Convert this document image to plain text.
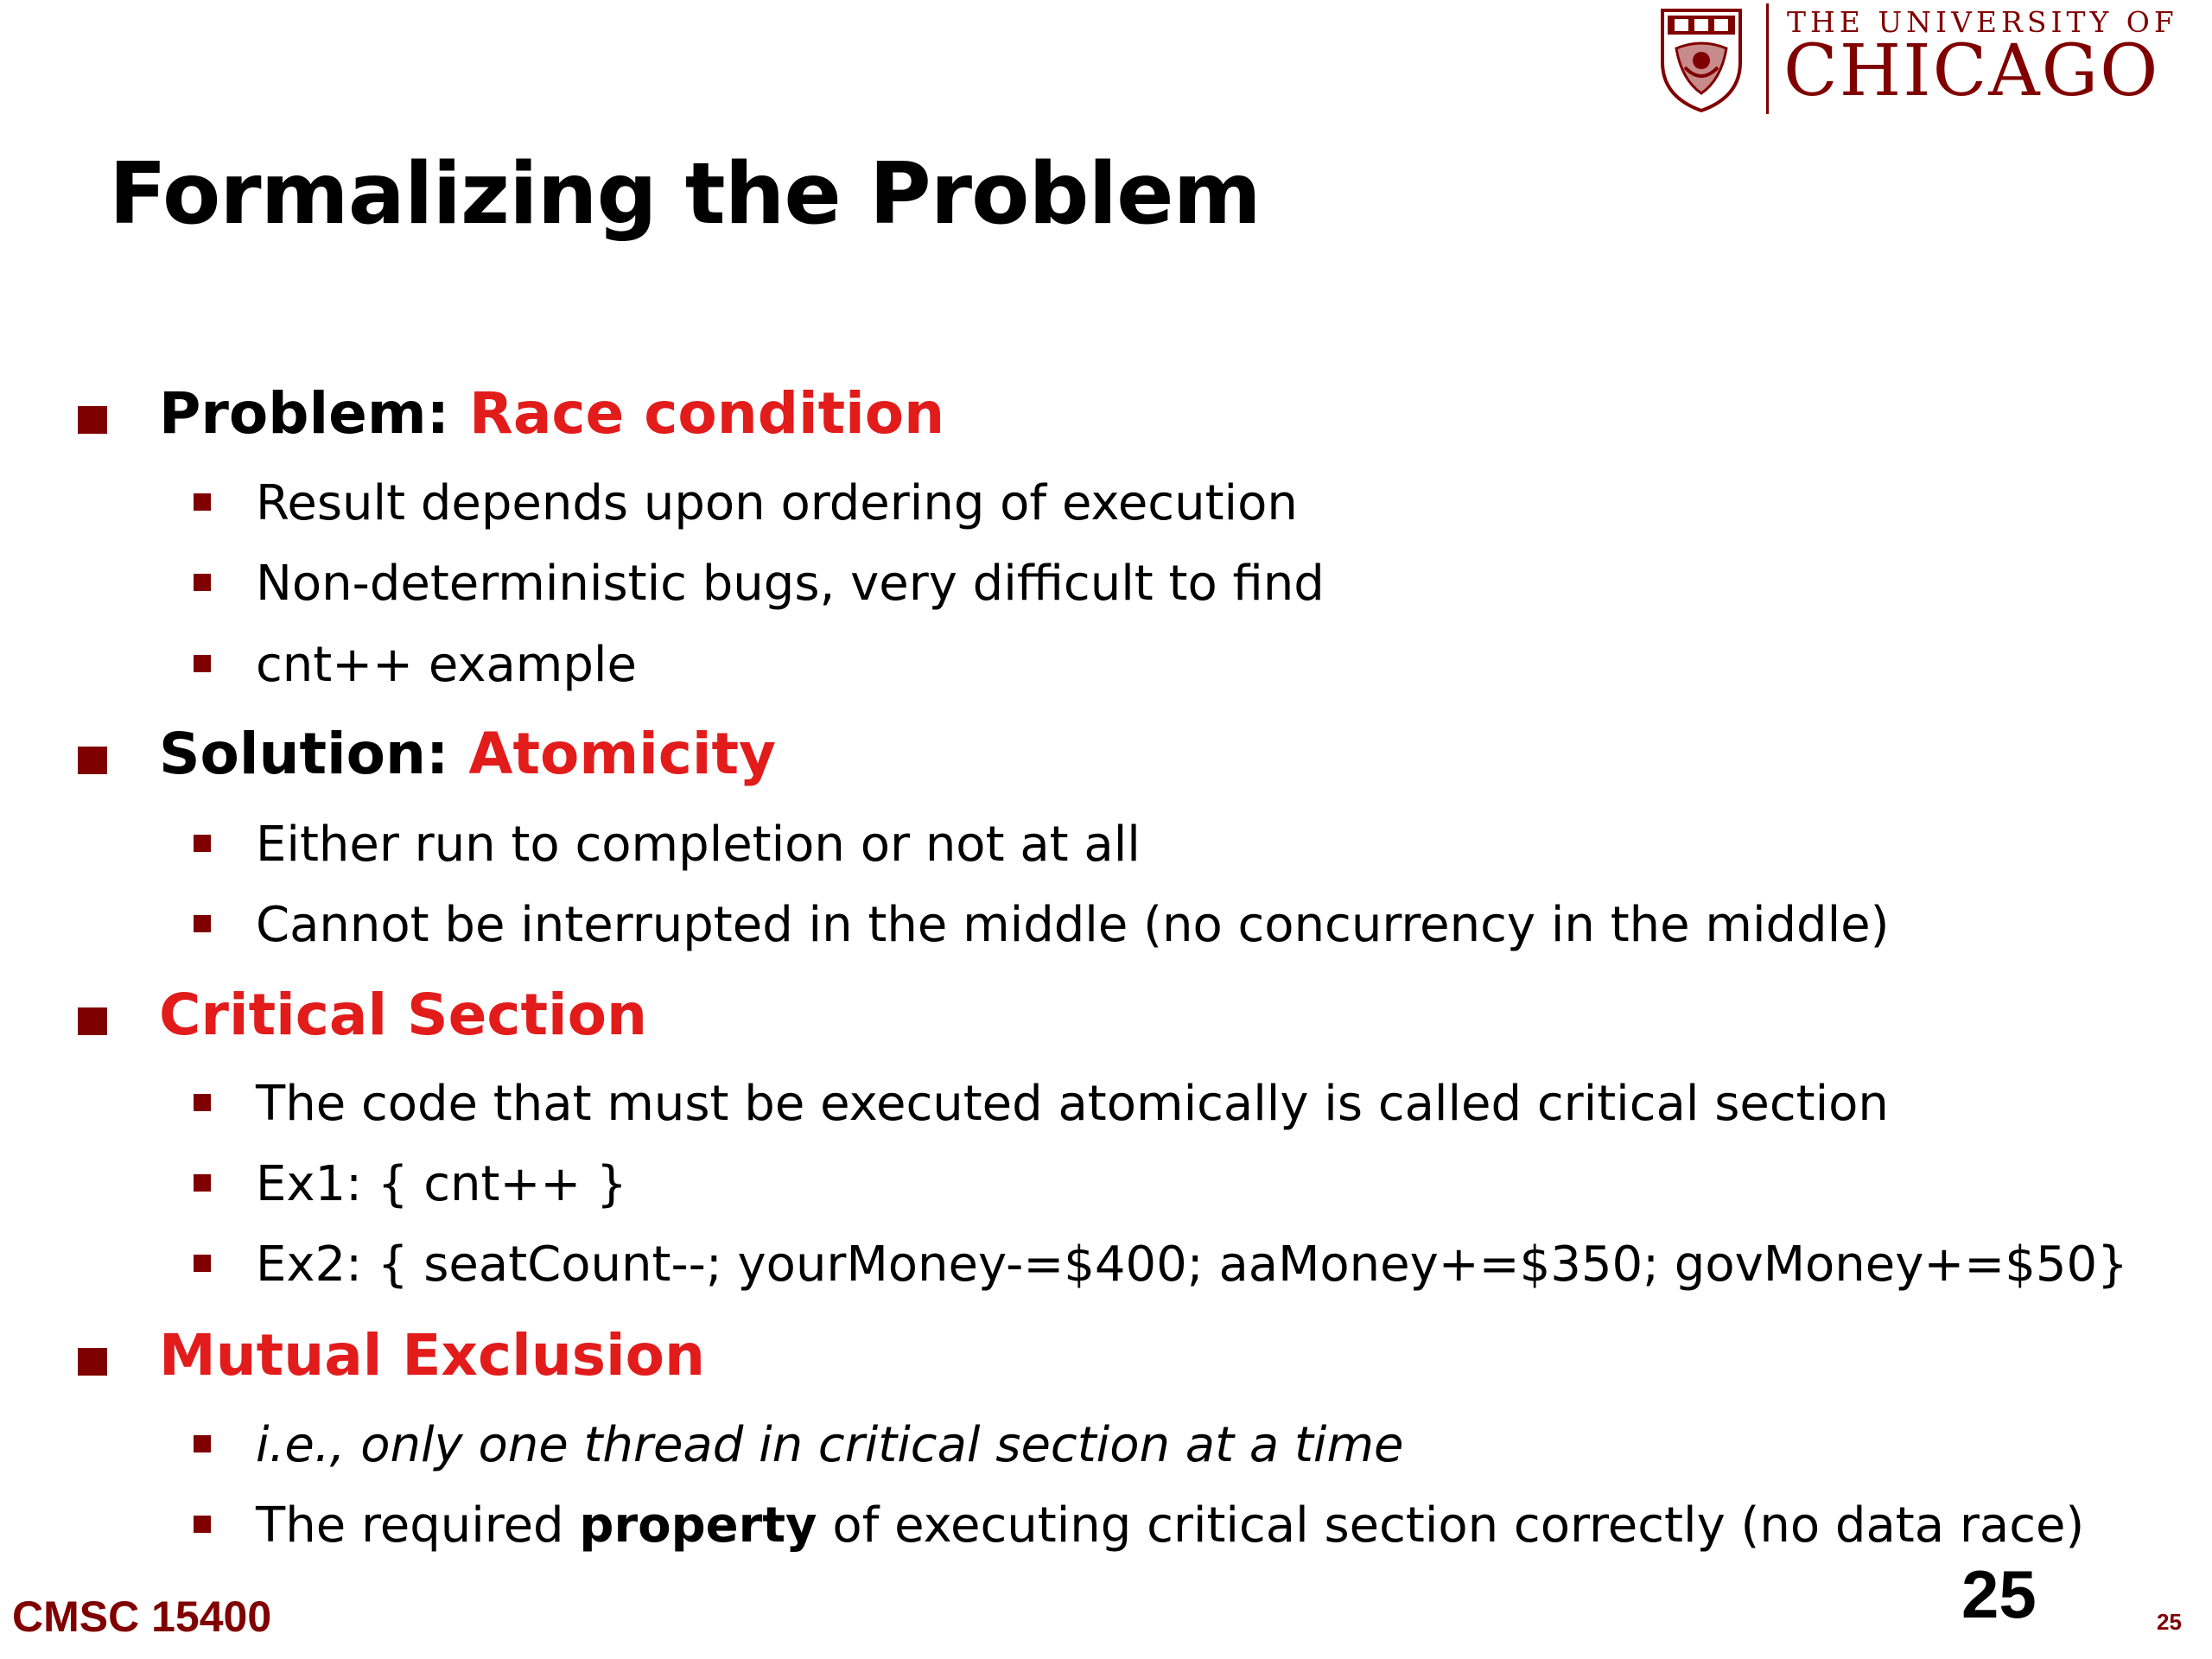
THE UNIVERSITY OF
CHICAGO
Formalizing the Problem
Problem: Race condition
Result depends upon ordering of execution
Non-deterministic bugs, very difficult to find
cnt++ example
Solution: Atomicity
Either run to completion or not at all
Cannot be interrupted in the middle (no concurrency in the middle)
Critical Section
The code that must be executed atomically is called critical section
Ex1: { cnt++ }
Ex2: { seatCount--; yourMoney-=$400; aaMoney+=$350; govMoney+=$50}
Mutual Exclusion
i.e., only one thread in critical section at a time
The required property of executing critical section correctly (no data race)
CMSC 15400	25	25
